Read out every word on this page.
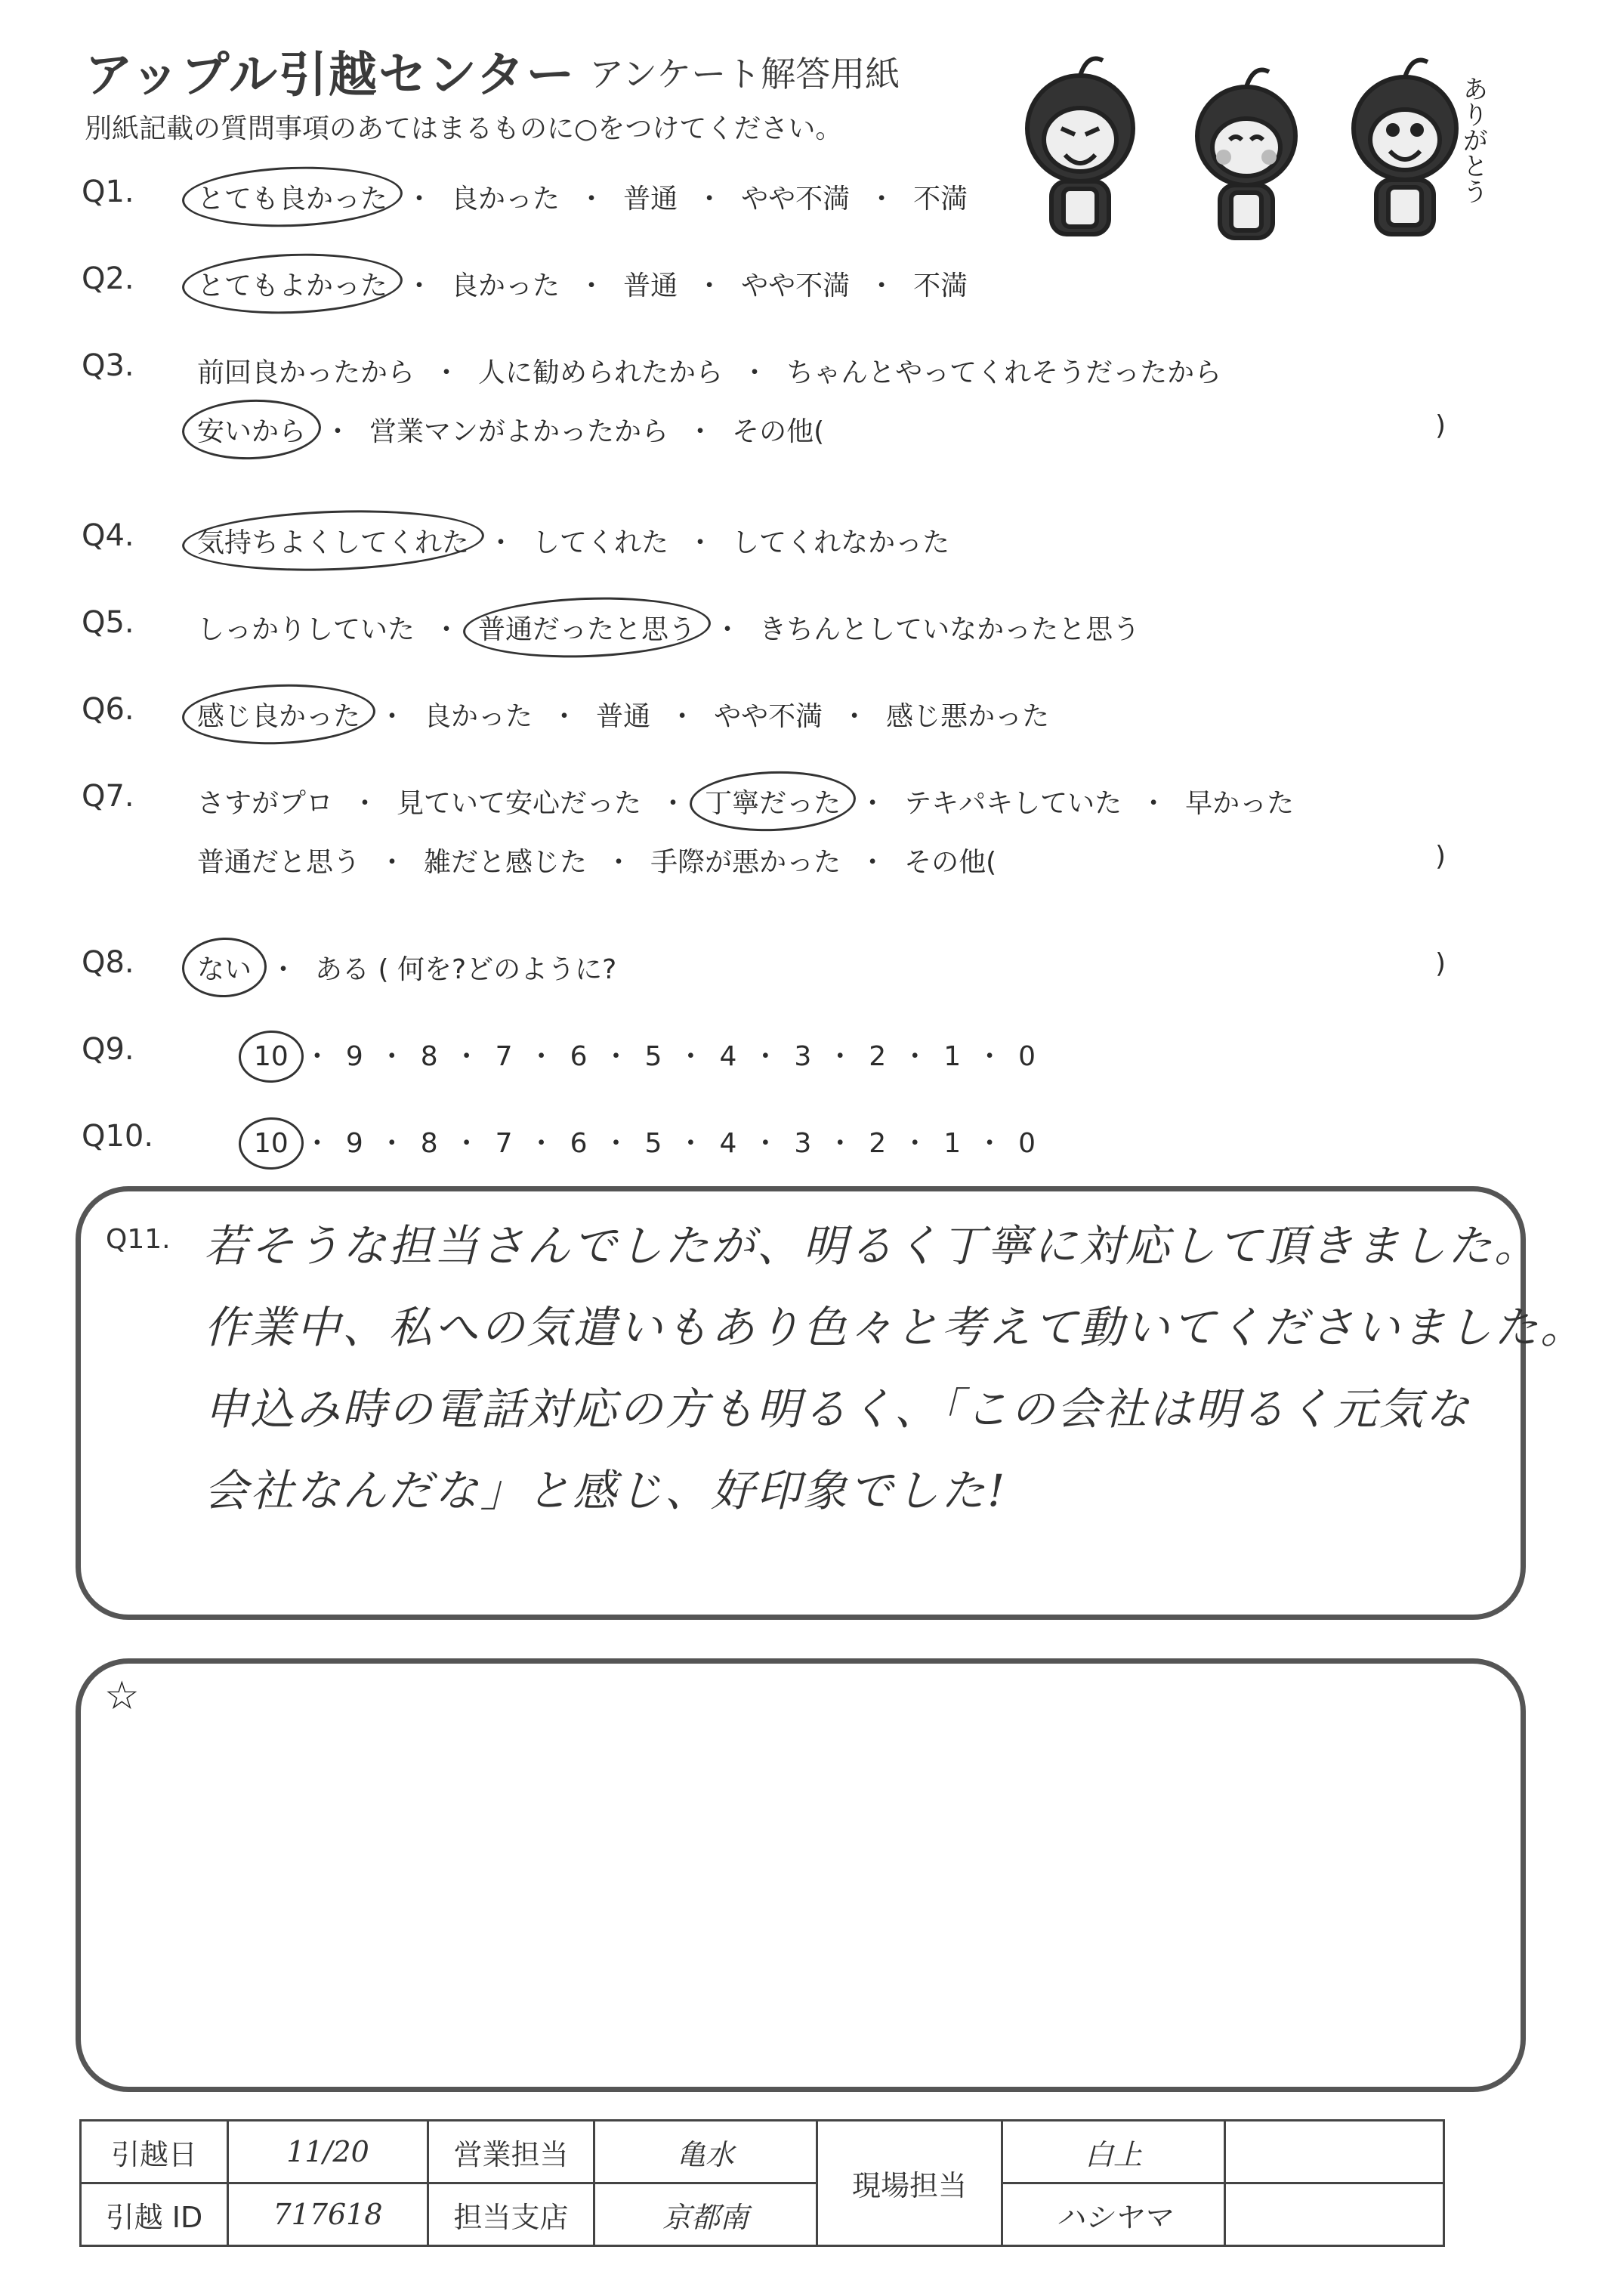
アップル引越センター アンケート解答用紙
別紙記載の質問事項のあてはまるものに○をつけてください。	ありがとう
Q1. とても良かった ・ 良かった ・ 普通 ・ やや不満 ・ 不満
Q2. とてもよかった ・ 良かった ・ 普通 ・ やや不満 ・ 不満
Q3. 前回良かったから ・ 人に勧められたから ・ ちゃんとやってくれそうだったから
安いから ・ 営業マンがよかったから ・ その他(	)
Q4. 気持ちよくしてくれた ・ してくれた ・ してくれなかった
Q5. しっかりしていた ・ 普通だったと思う ・ きちんとしていなかったと思う
Q6. 感じ良かった ・ 良かった ・ 普通 ・ やや不満 ・ 感じ悪かった
Q7. さすがプロ ・ 見ていて安心だった ・ 丁寧だった ・ テキパキしていた ・ 早かった
普通だと思う ・ 雑だと感じた ・ 手際が悪かった ・ その他(	)
Q8. ない ・ ある ( 何を?どのように?	)
Q9.	10 ・ 9 ・ 8 ・ 7 ・ 6 ・ 5 ・ 4 ・ 3 ・ 2 ・ 1 ・ 0
Q10.	10 ・ 9 ・ 8 ・ 7 ・ 6 ・ 5 ・ 4 ・ 3 ・ 2 ・ 1 ・ 0
Q11. 若そうな担当さんでしたが、明るく丁寧に対応して頂きました。
作業中、私への気遣いもあり色々と考えて動いてくださいました。
申込み時の電話対応の方も明るく、「この会社は明るく元気な
会社なんだな」と感じ、好印象でした!
☆
引越日	11/20	営業担当	亀水	現場担当	白上	
引越 ID	717618	担当支店	京都南		ハシヤマ	
